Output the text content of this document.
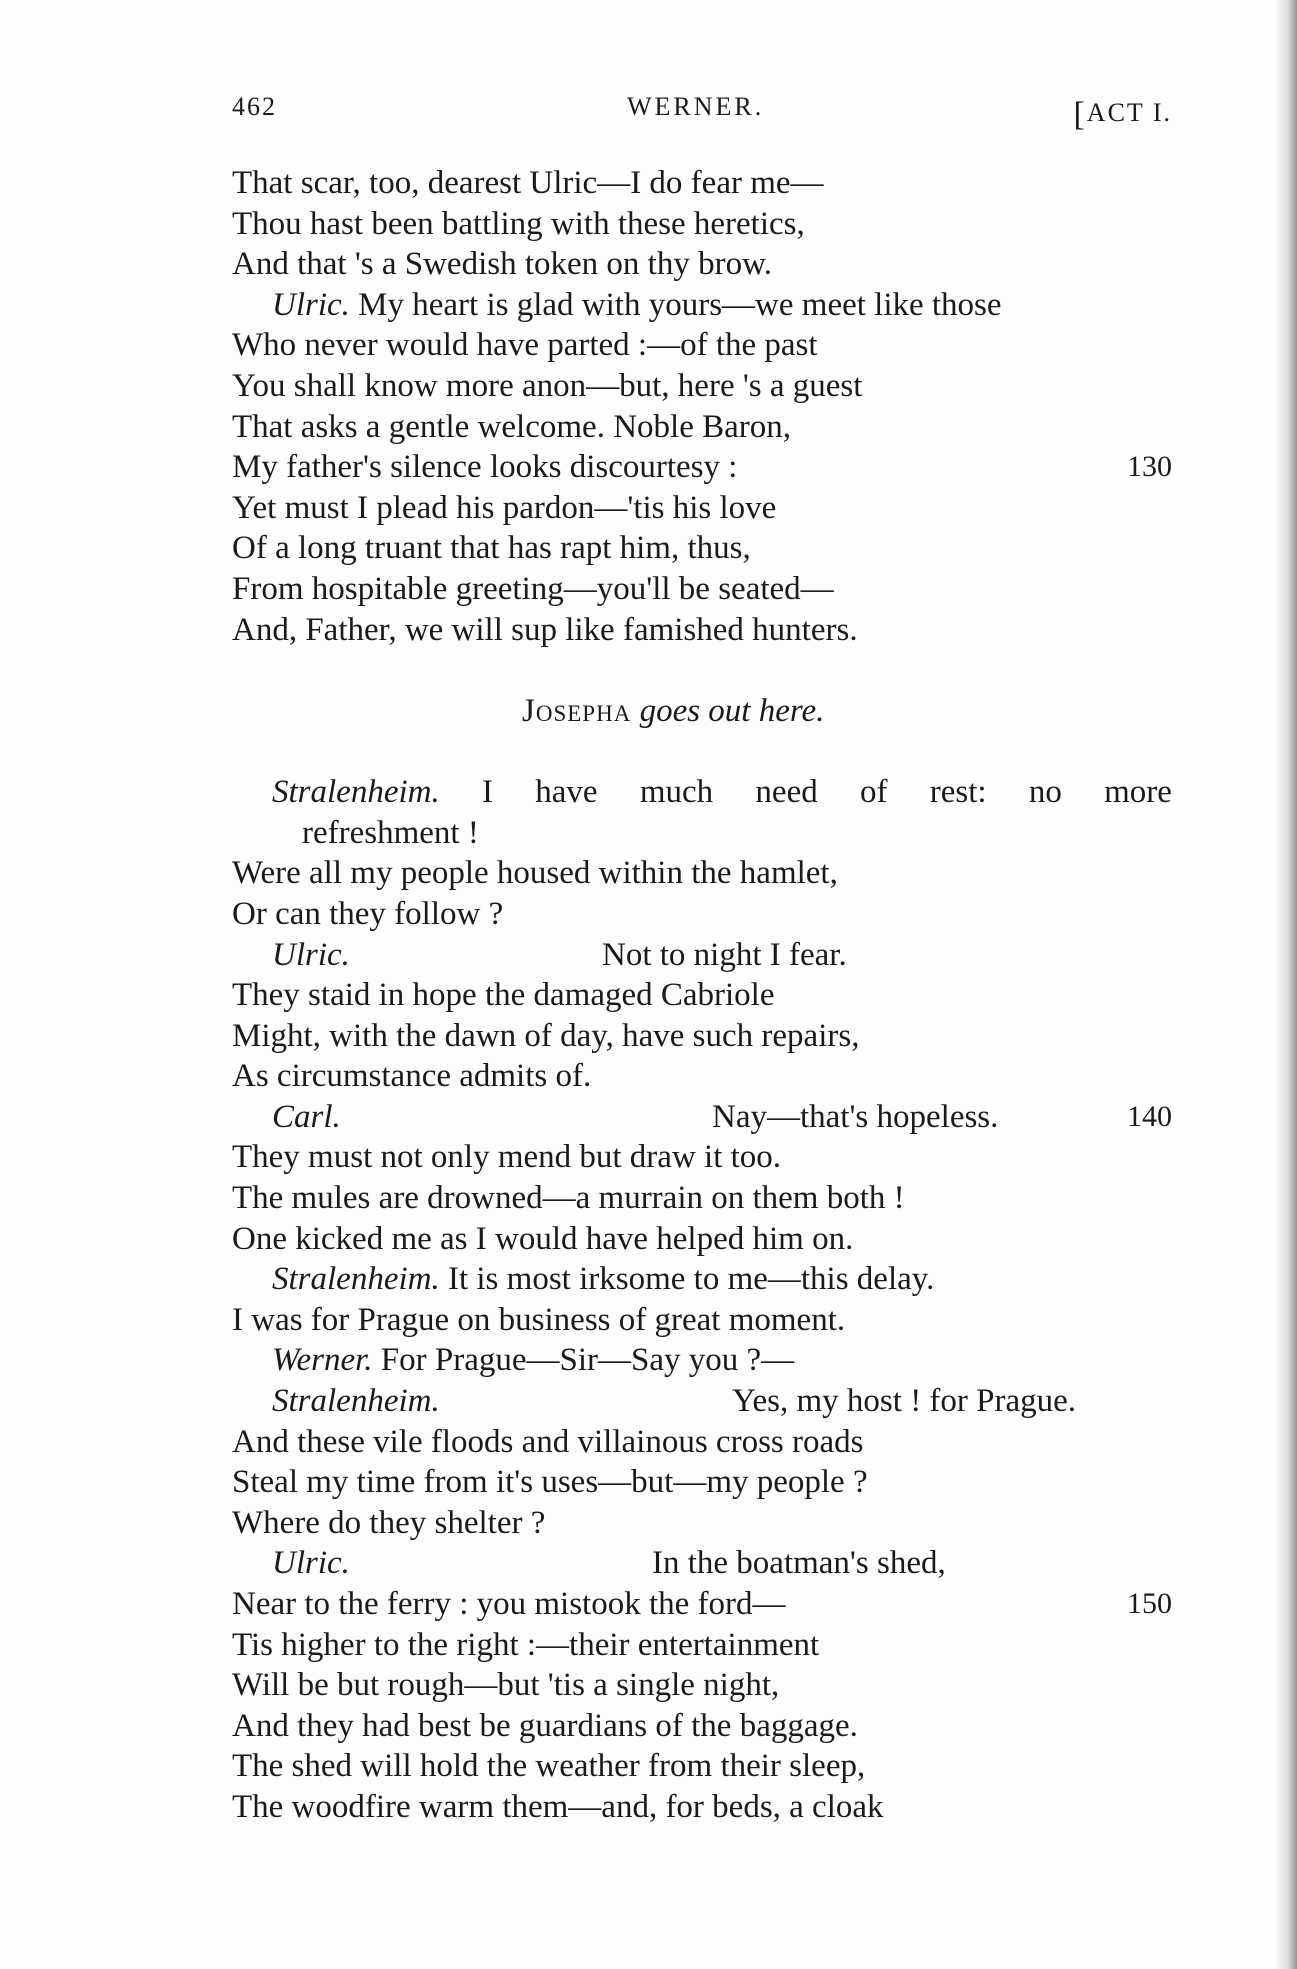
462	WERNER.	[ACT I.
That scar, too, dearest Ulric—I do fear me—
Thou hast been battling with these heretics,
And that 's a Swedish token on thy brow.
Ulric. My heart is glad with yours—we meet like those
Who never would have parted :—of the past
You shall know more anon—but, here 's a guest
That asks a gentle welcome. Noble Baron,
My father's silence looks discourtesy :	130
Yet must I plead his pardon—'tis his love
Of a long truant that has rapt him, thus,
From hospitable greeting—you'll be seated—
And, Father, we will sup like famished hunters.
Josepha goes out here.
Stralenheim. I have much need of rest: no more
refreshment !
Were all my people housed within the hamlet,
Or can they follow ?
Ulric.	Not to night I fear.
They staid in hope the damaged Cabriole
Might, with the dawn of day, have such repairs,
As circumstance admits of.
Carl.	Nay—that's hopeless.	140
They must not only mend but draw it too.
The mules are drowned—a murrain on them both !
One kicked me as I would have helped him on.
Stralenheim. It is most irksome to me—this delay.
I was for Prague on business of great moment.
Werner. For Prague—Sir—Say you ?—
Stralenheim.	Yes, my host ! for Prague.
And these vile floods and villainous cross roads
Steal my time from it's uses—but—my people ?
Where do they shelter ?
Ulric.	In the boatman's shed,
Near to the ferry : you mistook the ford—	150
Tis higher to the right :—their entertainment
Will be but rough—but 'tis a single night,
And they had best be guardians of the baggage.
The shed will hold the weather from their sleep,
The woodfire warm them—and, for beds, a cloak
